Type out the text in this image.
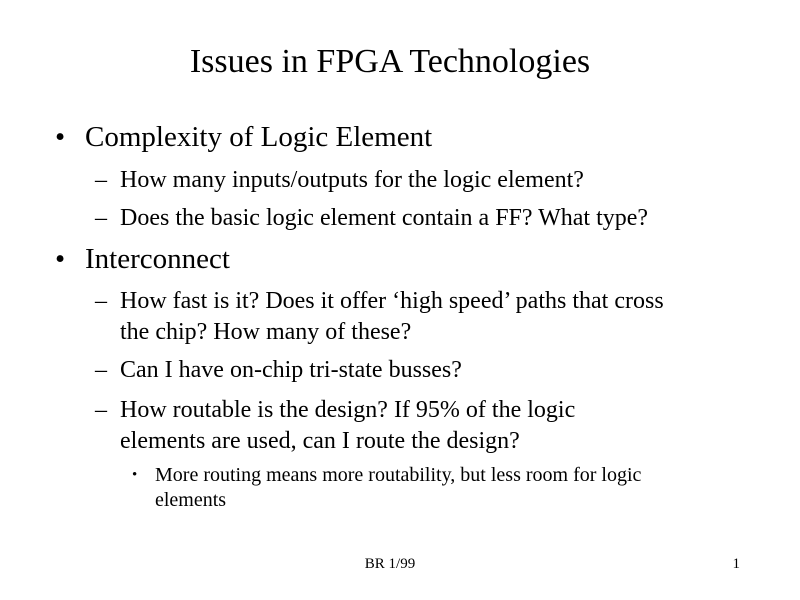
Issues in FPGA Technologies
• Complexity of Logic Element
– How many inputs/outputs for the logic element?
– Does the basic logic element contain a FF? What type?
• Interconnect
– How fast is it? Does it offer ‘high speed’ paths that cross the chip? How many of these?
– Can I have on-chip tri-state busses?
– How routable is the design? If 95% of the logic elements are used, can I route the design?
• More routing means more routability, but less room for logic elements
BR 1/99	1
